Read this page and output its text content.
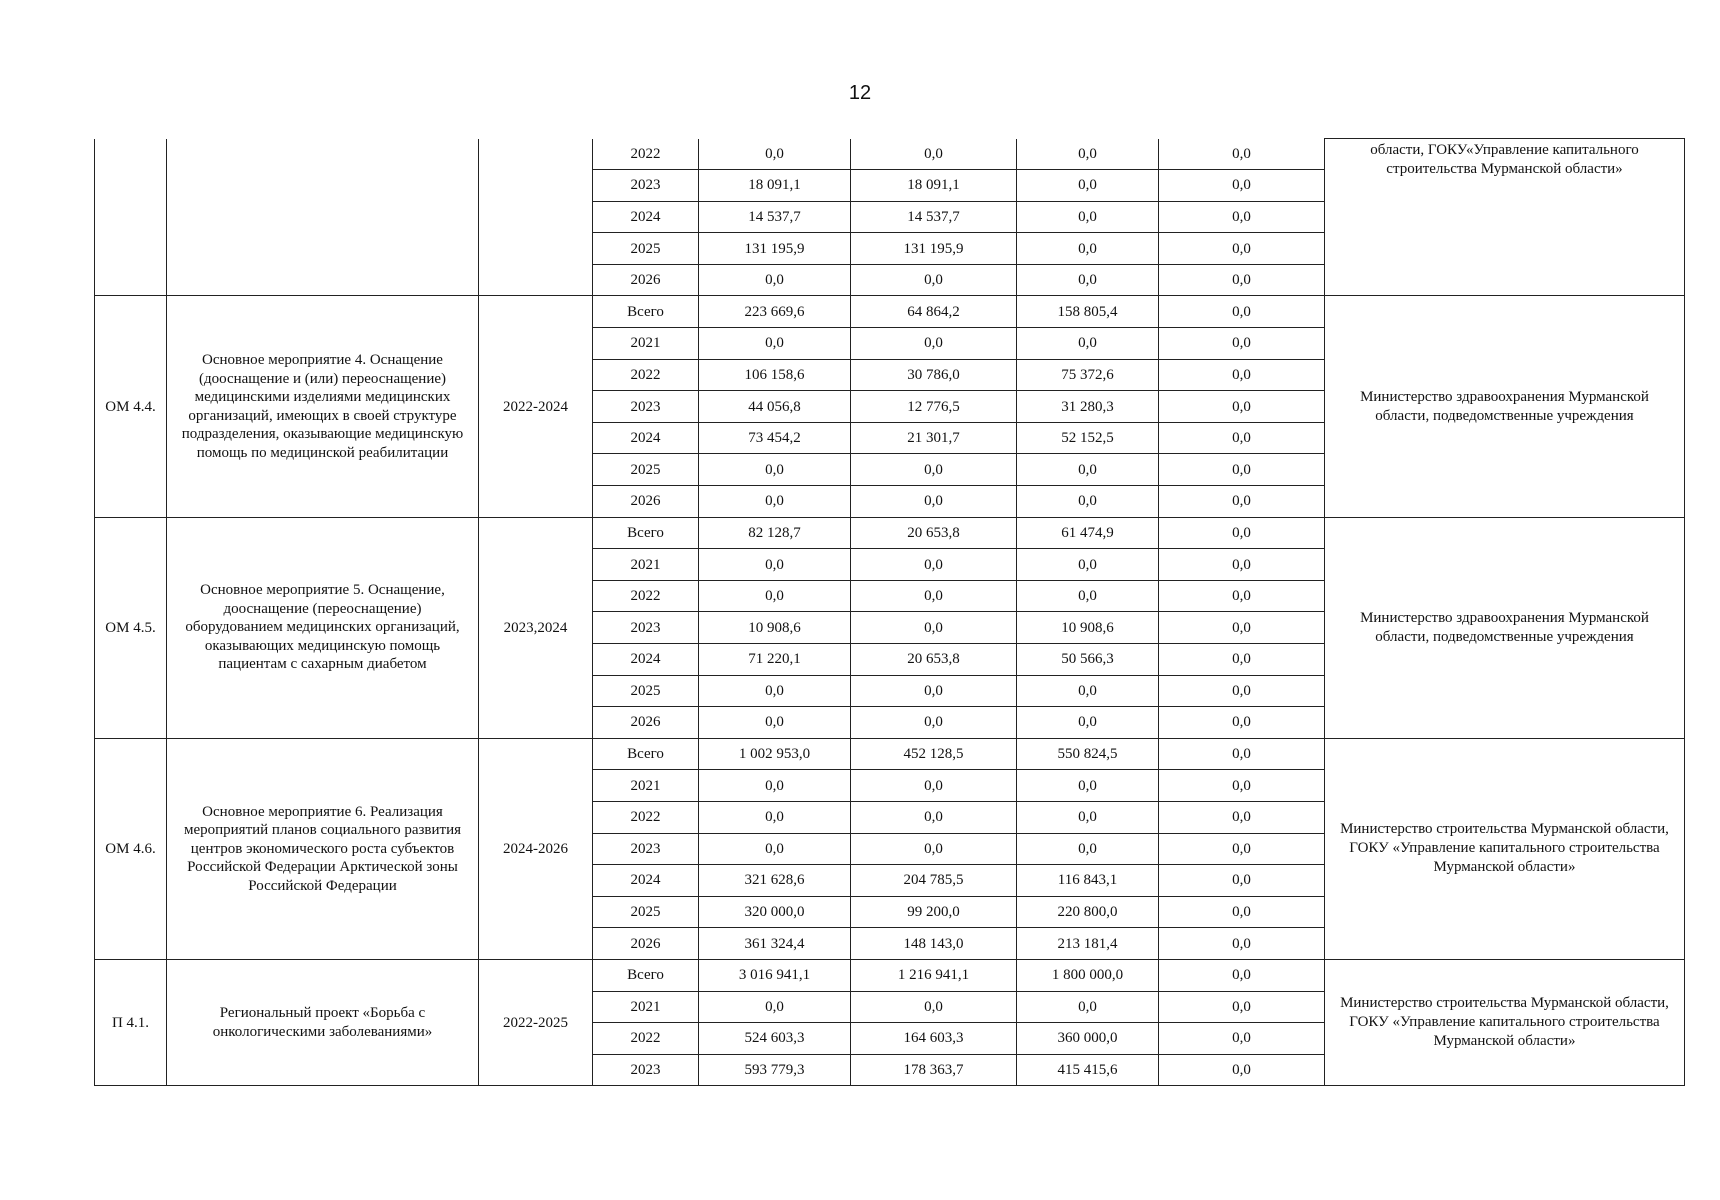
12
			2022	0,0	0,0	0,0	0,0	области, ГОКУ«Управление капитального строительства Мурманской области»
			2023	18 091,1	18 091,1	0,0	0,0	
			2024	14 537,7	14 537,7	0,0	0,0	
			2025	131 195,9	131 195,9	0,0	0,0	
			2026	0,0	0,0	0,0	0,0	
ОМ 4.4.	Основное мероприятие 4. Оснащение (дооснащение и (или) переоснащение) медицинскими изделиями медицинских организаций, имеющих в своей структуре подразделения, оказывающие медицинскую помощь по медицинской реабилитации	2022-2024	Всего	223 669,6	64 864,2	158 805,4	0,0	Министерство здравоохранения Мурманской области, подведомственные учреждения
			2021	0,0	0,0	0,0	0,0	
			2022	106 158,6	30 786,0	75 372,6	0,0	
			2023	44 056,8	12 776,5	31 280,3	0,0	
			2024	73 454,2	21 301,7	52 152,5	0,0	
			2025	0,0	0,0	0,0	0,0	
			2026	0,0	0,0	0,0	0,0	
ОМ 4.5.	Основное мероприятие 5. Оснащение, дооснащение (переоснащение) оборудованием медицинских организаций, оказывающих медицинскую помощь пациентам с сахарным диабетом	2023,2024	Всего	82 128,7	20 653,8	61 474,9	0,0	Министерство здравоохранения Мурманской области, подведомственные учреждения
			2021	0,0	0,0	0,0	0,0	
			2022	0,0	0,0	0,0	0,0	
			2023	10 908,6	0,0	10 908,6	0,0	
			2024	71 220,1	20 653,8	50 566,3	0,0	
			2025	0,0	0,0	0,0	0,0	
			2026	0,0	0,0	0,0	0,0	
ОМ 4.6.	Основное мероприятие 6. Реализация мероприятий планов социального развития центров экономического роста субъектов Российской Федерации Арктической зоны Российской Федерации	2024-2026	Всего	1 002 953,0	452 128,5	550 824,5	0,0	Министерство строительства Мурманской области, ГОКУ «Управление капитального строительства Мурманской области»
			2021	0,0	0,0	0,0	0,0	
			2022	0,0	0,0	0,0	0,0	
			2023	0,0	0,0	0,0	0,0	
			2024	321 628,6	204 785,5	116 843,1	0,0	
			2025	320 000,0	99 200,0	220 800,0	0,0	
			2026	361 324,4	148 143,0	213 181,4	0,0	
П 4.1.	Региональный проект «Борьба с онкологическими заболеваниями»	2022-2025	Всего	3 016 941,1	1 216 941,1	1 800 000,0	0,0	Министерство строительства Мурманской области, ГОКУ «Управление капитального строительства Мурманской области»
			2021	0,0	0,0	0,0	0,0	
			2022	524 603,3	164 603,3	360 000,0	0,0	
			2023	593 779,3	178 363,7	415 415,6	0,0	
